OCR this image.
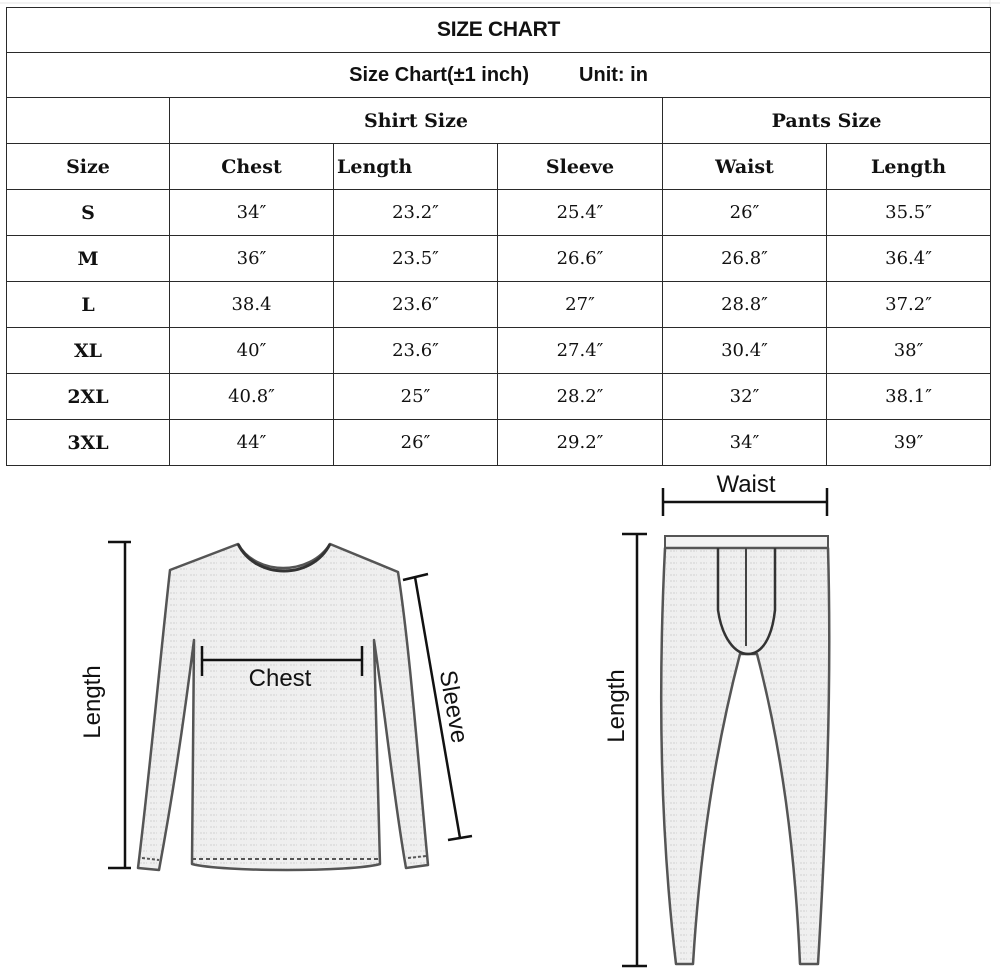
SIZE CHART					
Size Chart(±1 inch) Unit: in					
	Shirt Size			Pants Size	
Size	Chest	Length	Sleeve	Waist	Length
S	34″	23.2″	25.4″	26″	35.5″
M	36″	23.5″	26.6″	26.8″	36.4″
L	38.4	23.6″	27″	28.8″	37.2″
XL	40″	23.6″	27.4″	30.4″	38″
2XL	40.8″	25″	28.2″	32″	38.1″
3XL	44″	26″	29.2″	34″	39″
Length	Chest	Sleeve
Waist
Length
